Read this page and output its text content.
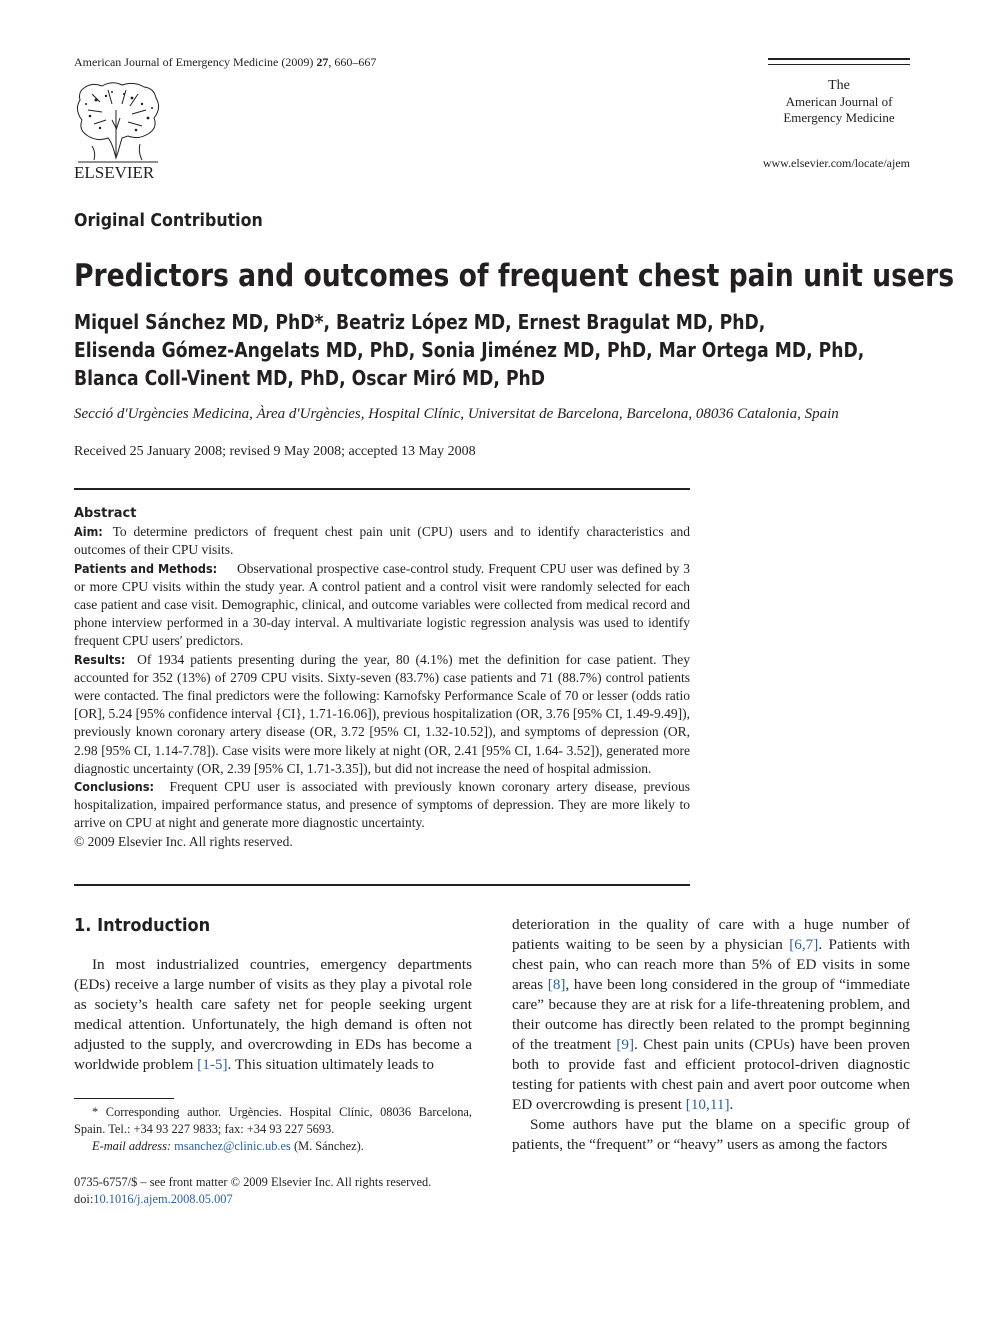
American Journal of Emergency Medicine (2009) 27, 660–667
ELSEVIER
The
American Journal of
Emergency Medicine
www.elsevier.com/locate/ajem
Original Contribution
Predictors and outcomes of frequent chest pain unit users
Miquel Sánchez MD, PhD*, Beatriz López MD, Ernest Bragulat MD, PhD,
Elisenda Gómez-Angelats MD, PhD, Sonia Jiménez MD, PhD, Mar Ortega MD, PhD,
Blanca Coll-Vinent MD, PhD, Oscar Miró MD, PhD
Secció d'Urgències Medicina, Àrea d'Urgències, Hospital Clínic, Universitat de Barcelona, Barcelona, 08036 Catalonia, Spain
Received 25 January 2008; revised 9 May 2008; accepted 13 May 2008
Abstract
Aim: To determine predictors of frequent chest pain unit (CPU) users and to identify characteristics and outcomes of their CPU visits.
Patients and Methods: Observational prospective case-control study. Frequent CPU user was defined by 3 or more CPU visits within the study year. A control patient and a control visit were randomly selected for each case patient and case visit. Demographic, clinical, and outcome variables were collected from medical record and phone interview performed in a 30-day interval. A multivariate logistic regression analysis was used to identify frequent CPU users′ predictors.
Results: Of 1934 patients presenting during the year, 80 (4.1%) met the definition for case patient. They accounted for 352 (13%) of 2709 CPU visits. Sixty-seven (83.7%) case patients and 71 (88.7%) control patients were contacted. The final predictors were the following: Karnofsky Performance Scale of 70 or lesser (odds ratio [OR], 5.24 [95% confidence interval {CI}, 1.71-16.06]), previous hospitalization (OR, 3.76 [95% CI, 1.49-9.49]), previously known coronary artery disease (OR, 3.72 [95% CI, 1.32-10.52]), and symptoms of depression (OR, 2.98 [95% CI, 1.14-7.78]). Case visits were more likely at night (OR, 2.41 [95% CI, 1.64- 3.52]), generated more diagnostic uncertainty (OR, 2.39 [95% CI, 1.71-3.35]), but did not increase the need of hospital admission.
Conclusions: Frequent CPU user is associated with previously known coronary artery disease, previous hospitalization, impaired performance status, and presence of symptoms of depression. They are more likely to arrive on CPU at night and generate more diagnostic uncertainty.
© 2009 Elsevier Inc. All rights reserved.
1. Introduction

In most industrialized countries, emergency departments (EDs) receive a large number of visits as they play a pivotal role as society’s health care safety net for people seeking urgent medical attention. Unfortunately, the high demand is often not adjusted to the supply, and overcrowding in EDs has become a worldwide problem [1-5]. This situation ultimately leads to

deterioration in the quality of care with a huge number of patients waiting to be seen by a physician [6,7]. Patients with chest pain, who can reach more than 5% of ED visits in some areas [8], have been long considered in the group of “immediate care” because they are at risk for a life-threatening problem, and their outcome has directly been related to the prompt beginning of the treatment [9]. Chest pain units (CPUs) have been proven both to provide fast and efficient protocol-driven diagnostic testing for patients with chest pain and avert poor outcome when ED overcrowding is present [10,11].

Some authors have put the blame on a specific group of patients, the “frequent” or “heavy” users as among the factors

* Corresponding author. Urgències. Hospital Clínic, 08036 Barcelona, Spain. Tel.: +34 93 227 9833; fax: +34 93 227 5693.
E-mail address: msanchez@clinic.ub.es (M. Sánchez).
0735-6757/$ – see front matter © 2009 Elsevier Inc. All rights reserved.
doi:10.1016/j.ajem.2008.05.007
